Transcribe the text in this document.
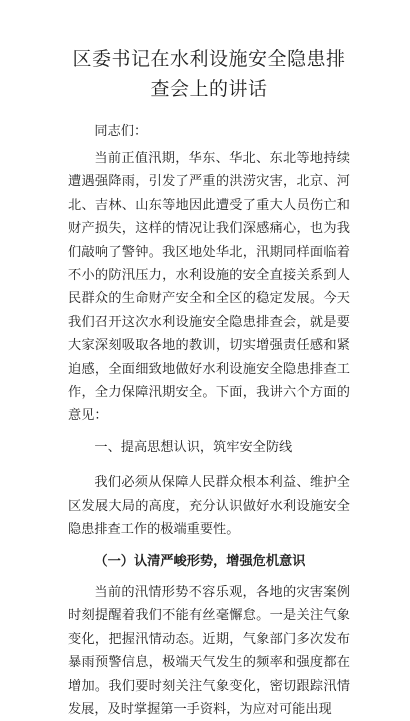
区委书记在水利设施安全隐患排查会上的讲话
同志们：
当前正值汛期，华东、华北、东北等地持续遭遇强降雨，引发了严重的洪涝灾害，北京、河北、吉林、山东等地因此遭受了重大人员伤亡和财产损失，这样的情况让我们深感痛心，也为我们敲响了警钟。我区地处华北，汛期同样面临着不小的防汛压力，水利设施的安全直接关系到人民群众的生命财产安全和全区的稳定发展。今天我们召开这次水利设施安全隐患排查会，就是要大家深刻吸取各地的教训，切实增强责任感和紧迫感，全面细致地做好水利设施安全隐患排查工作，全力保障汛期安全。下面，我讲六个方面的意见：
一、提高思想认识，筑牢安全防线
我们必须从保障人民群众根本利益、维护全区发展大局的高度，充分认识做好水利设施安全隐患排查工作的极端重要性。
（一）认清严峻形势，增强危机意识
当前的汛情形势不容乐观，各地的灾害案例时刻提醒着我们不能有丝毫懈怠。一是关注气象变化，把握汛情动态。近期，气象部门多次发布暴雨预警信息，极端天气发生的频率和强度都在增加。我们要时刻关注气象变化，密切跟踪汛情发展，及时掌握第一手资料，为应对可能出现
